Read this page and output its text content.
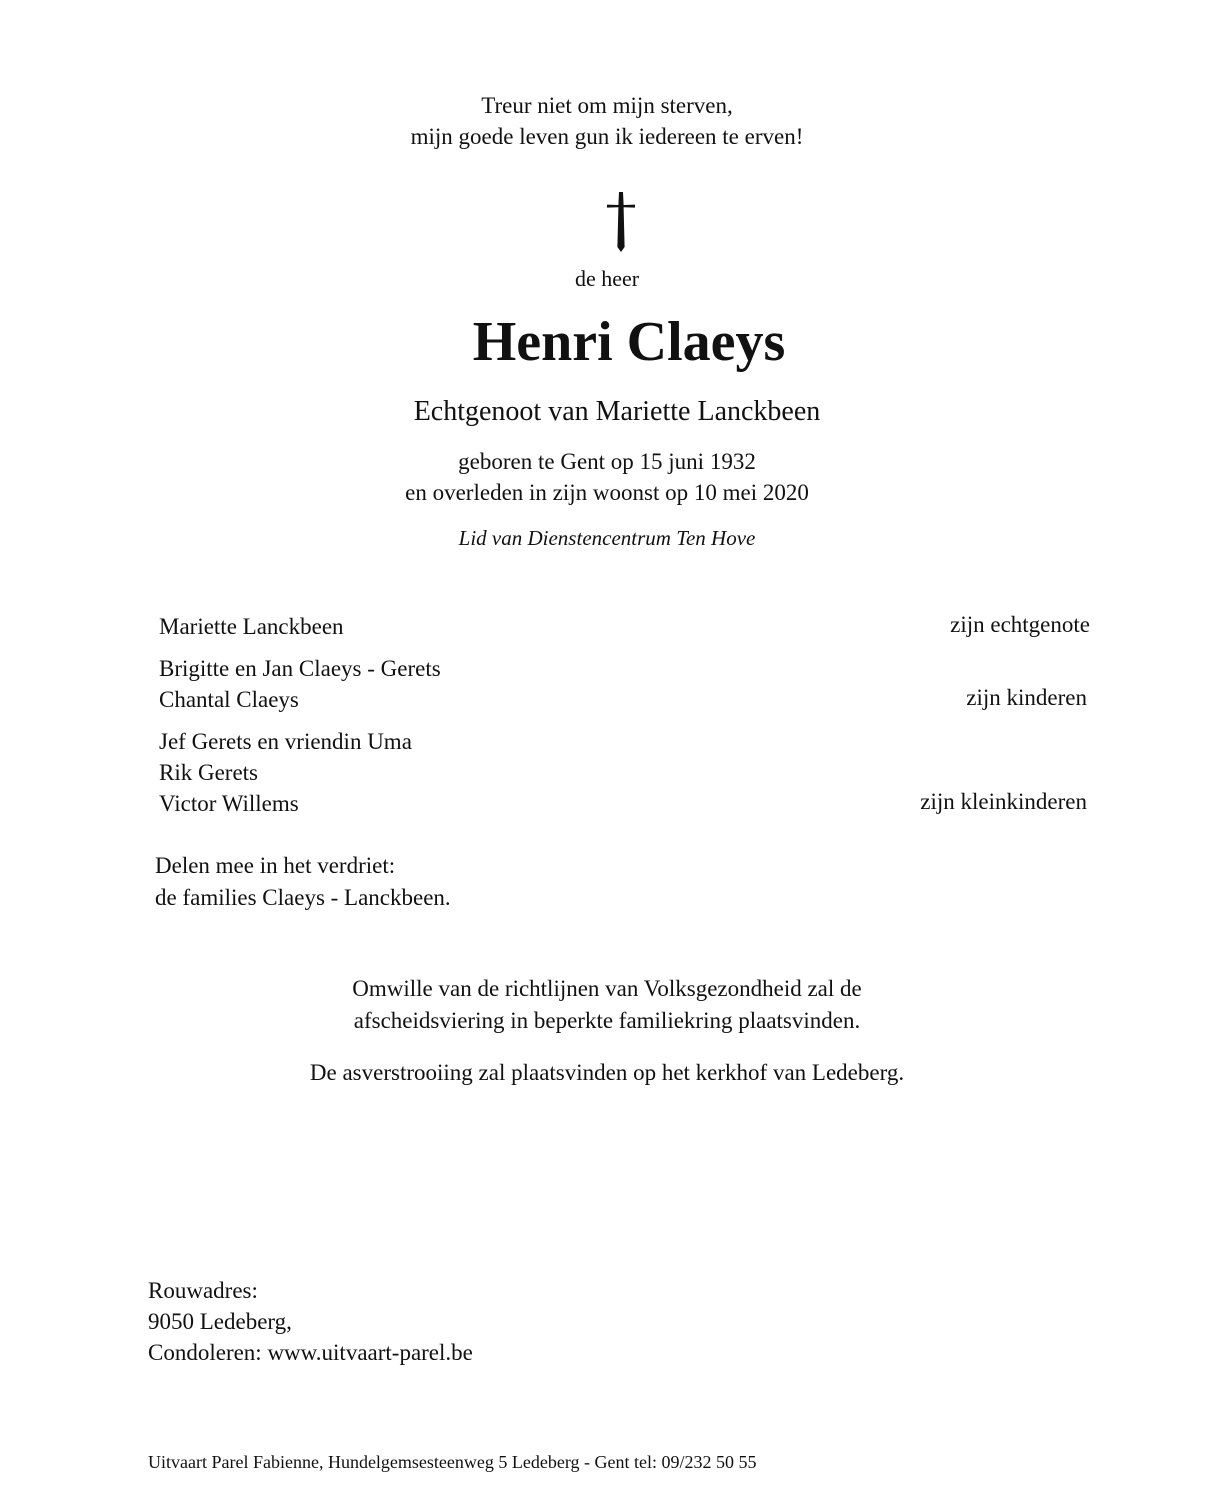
Treur niet om mijn sterven,
mijn goede leven gun ik iedereen te erven!
de heer
Henri Claeys
Echtgenoot van Mariette Lanckbeen
geboren te Gent op 15 juni 1932
en overleden in zijn woonst op 10 mei 2020
Lid van Dienstencentrum Ten Hove
Mariette Lanckbeen	zijn echtgenote
Brigitte en Jan Claeys - Gerets
Chantal Claeys	zijn kinderen
Jef Gerets en vriendin Uma
Rik Gerets
Victor Willems	zijn kleinkinderen
Delen mee in het verdriet:
de families Claeys - Lanckbeen.
Omwille van de richtlijnen van Volksgezondheid zal de
afscheidsviering in beperkte familiekring plaatsvinden.
De asverstrooiing zal plaatsvinden op het kerkhof van Ledeberg.
Rouwadres:
9050 Ledeberg,
Condoleren: www.uitvaart-parel.be
Uitvaart Parel Fabienne, Hundelgemsesteenweg 5 Ledeberg - Gent tel: 09/232 50 55
